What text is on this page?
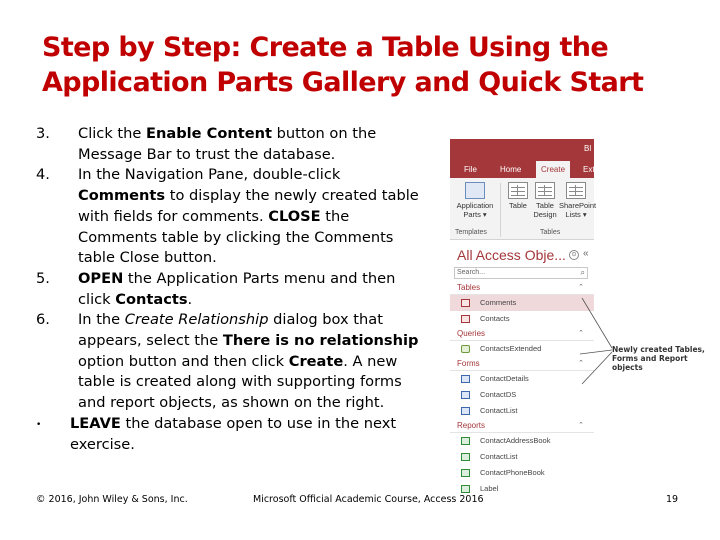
Step by Step: Create a Table Using the
Application Parts Gallery and Quick Start
3.	Click the Enable Content button on the Message Bar to trust the database.
4.	In the Navigation Pane, double-click Comments to display the newly created table with fields for comments. CLOSE the Comments table by clicking the Comments table Close button.
5.	OPEN the Application Parts menu and then click Contacts.
6.	In the Create Relationship dialog box that appears, select the There is no relationship option button and then click Create. A new table is created along with supporting forms and report objects, as shown on the right.
•	LEAVE the database open to use in the next exercise.
Bl
File	Home	Create	Ext
Application Parts ▾
Table	Table Design
SharePoint Lists ▾
Templates	Tables
All Access Obje... ⊙ «
Search...	⌕
Tables	⌃
Comments
Contacts
Queries	⌃
ContactsExtended
Forms	⌃
ContactDetails
ContactDS
ContactList
Reports	⌃
ContactAddressBook
ContactList
ContactPhoneBook
Label
Newly created Tables,
Forms and Report
objects
© 2016, John Wiley & Sons, Inc.	Microsoft Official Academic Course, Access 2016	19
